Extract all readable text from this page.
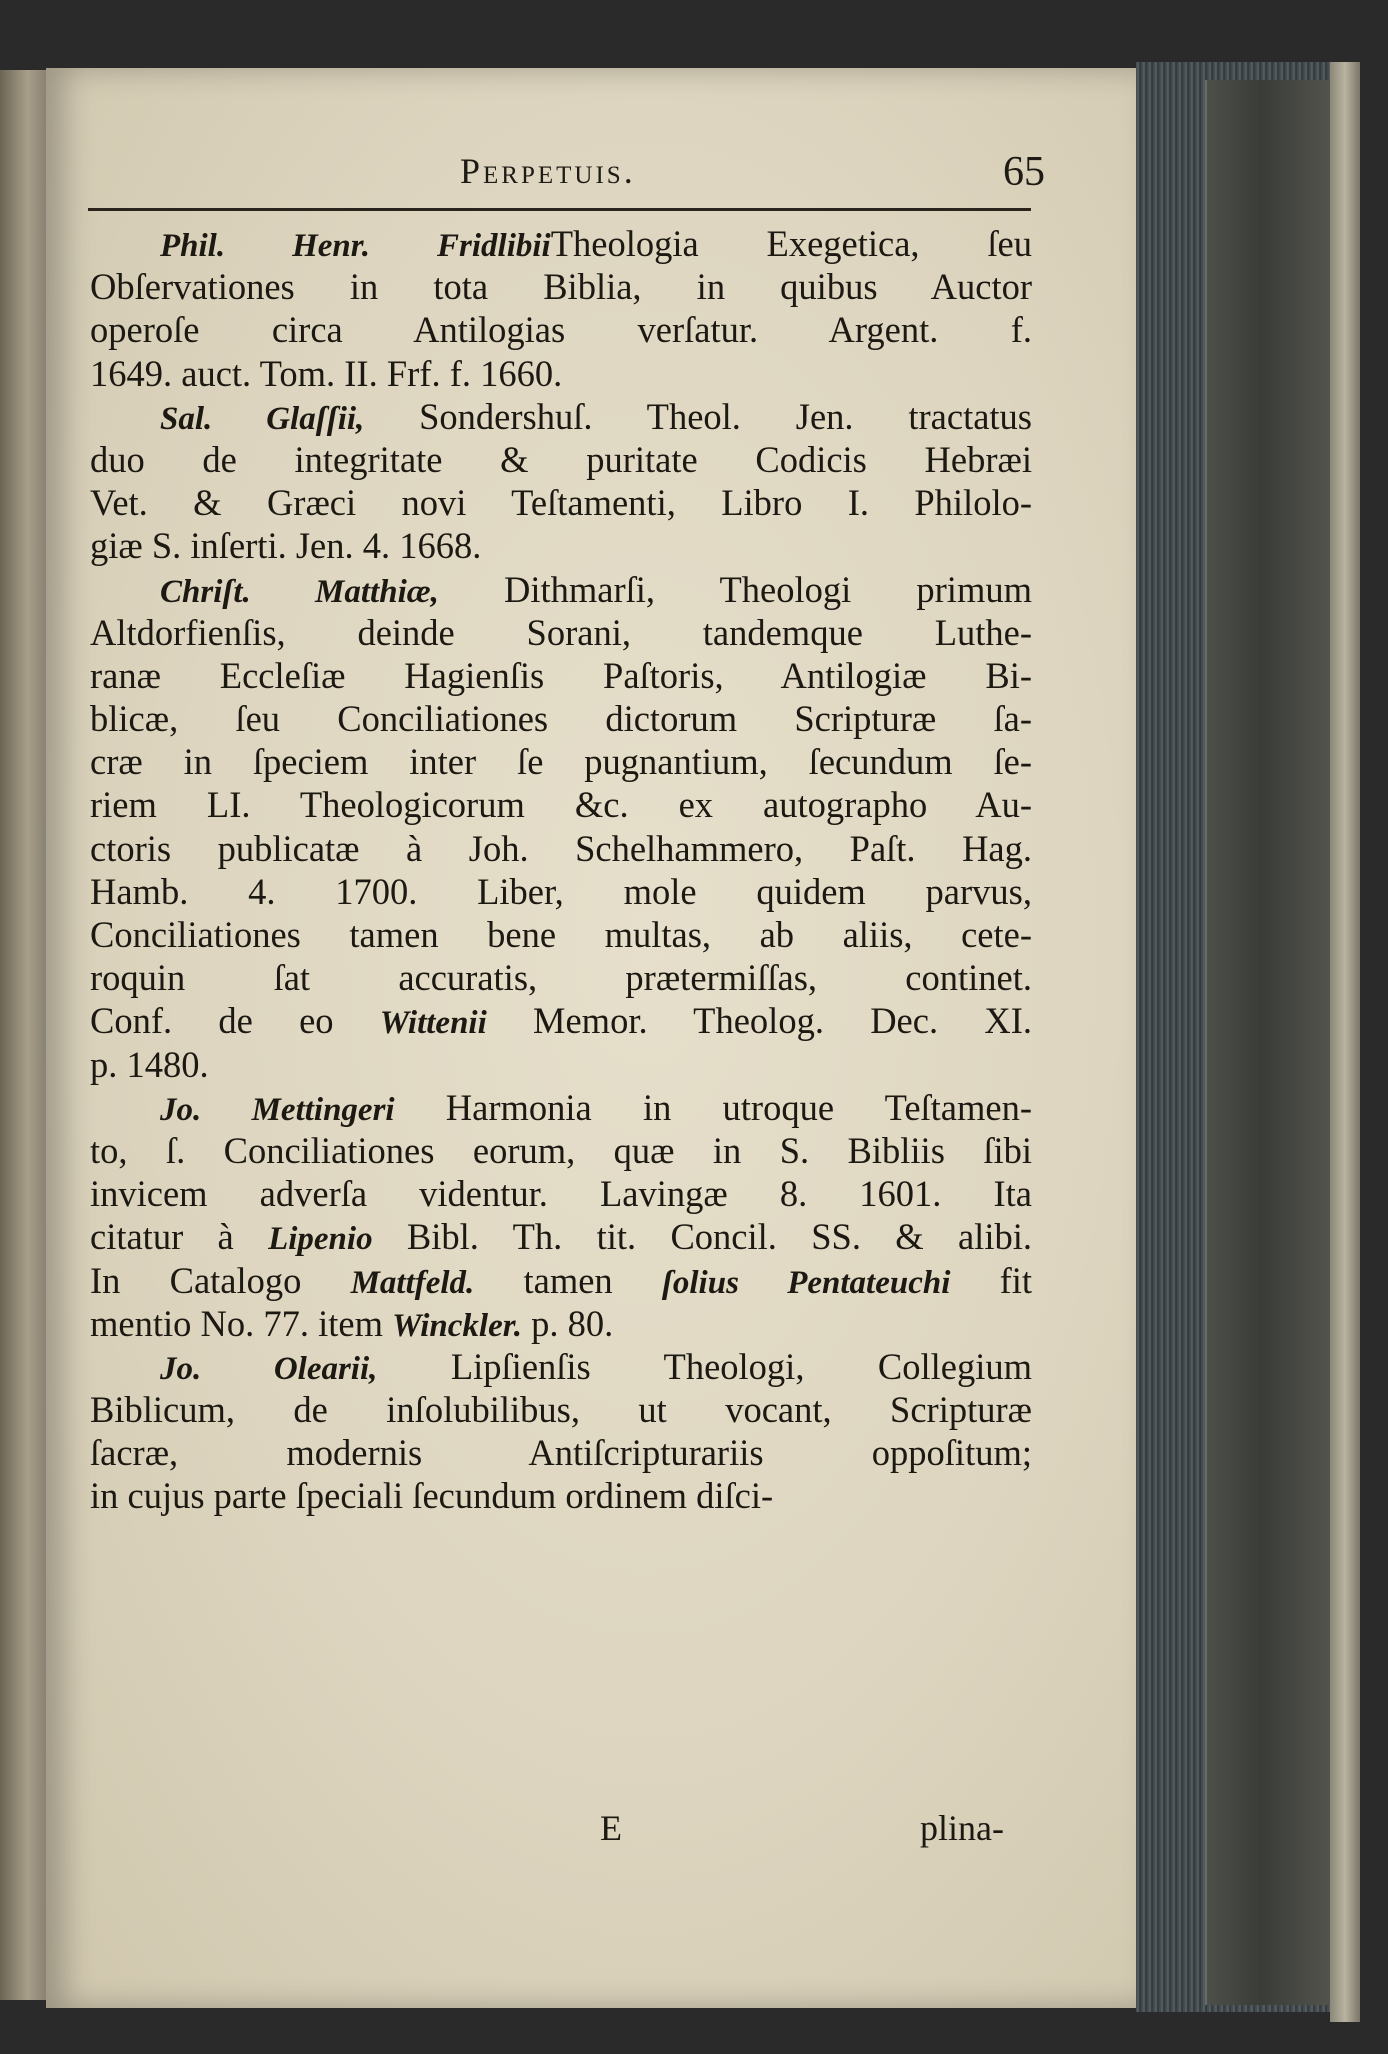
Perpetuis.	65
Phil. Henr. FridlibiiTheologia Exegetica, ſeu
Obſervationes in tota Biblia, in quibus Auctor
operoſe circa Antilogias verſatur. Argent. f.
1649. auct. Tom. II. Frf. f. 1660.
Sal. Glaſſii, Sondershuſ. Theol. Jen. tractatus
duo de integritate & puritate Codicis Hebræi
Vet. & Græci novi Teſtamenti, Libro I. Philolo-
giæ S. inſerti. Jen. 4. 1668.
Chriſt. Matthiæ, Dithmarſi, Theologi primum
Altdorfienſis, deinde Sorani, tandemque Luthe-
ranæ Eccleſiæ Hagienſis Paſtoris, Antilogiæ Bi-
blicæ, ſeu Conciliationes dictorum Scripturæ ſa-
cræ in ſpeciem inter ſe pugnantium, ſecundum ſe-
riem LI. Theologicorum &c. ex autographo Au-
ctoris publicatæ à Joh. Schelhammero, Paſt. Hag.
Hamb. 4. 1700. Liber, mole quidem parvus,
Conciliationes tamen bene multas, ab aliis, cete-
roquin ſat accuratis, prætermiſſas, continet.
Conf. de eo Wittenii Memor. Theolog. Dec. XI.
p. 1480.
Jo. Mettingeri Harmonia in utroque Teſtamen-
to, ſ. Conciliationes eorum, quæ in S. Bibliis ſibi
invicem adverſa videntur. Lavingæ 8. 1601. Ita
citatur à Lipenio Bibl. Th. tit. Concil. SS. & alibi.
In Catalogo Mattfeld. tamen ſolius Pentateuchi fit
mentio No. 77. item Winckler. p. 80.
Jo. Olearii, Lipſienſis Theologi, Collegium
Biblicum, de inſolubilibus, ut vocant, Scripturæ
ſacræ, modernis Antiſcripturariis oppoſitum;
in cujus parte ſpeciali ſecundum ordinem diſci-
E	plina-
